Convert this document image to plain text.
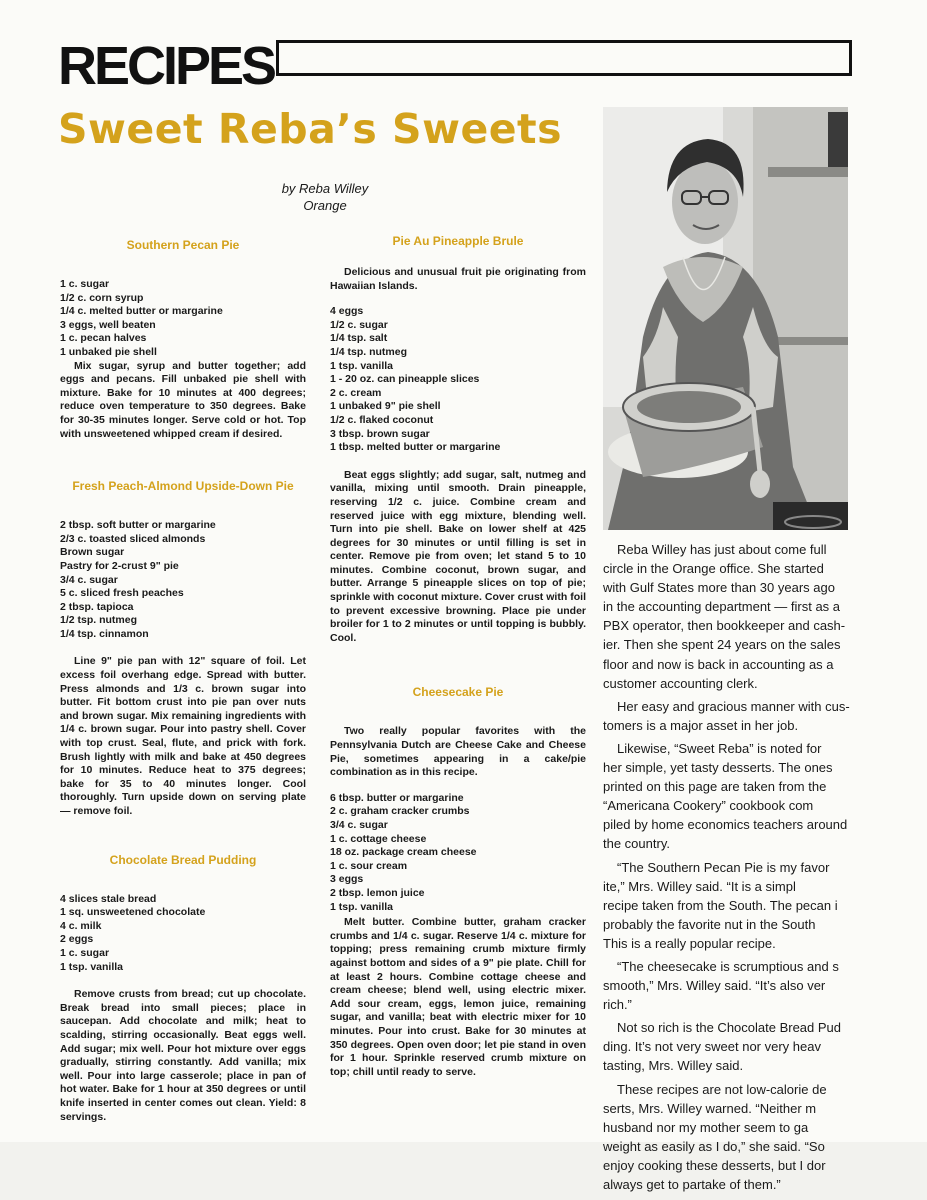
RECIPES
Sweet Reba’s Sweets
by Reba Willey
Orange
Southern Pecan Pie
1 c. sugar
1/2 c. corn syrup
1/4 c. melted butter or margarine
3 eggs, well beaten
1 c. pecan halves
1 unbaked pie shell

Mix sugar, syrup and butter together; add eggs and pecans. Fill unbaked pie shell with mixture. Bake for 10 minutes at 400 degrees; reduce oven temperature to 350 degrees. Bake for 30-35 minutes longer. Serve cold or hot. Top with unsweetened whipped cream if desired.

Fresh Peach-Almond Upside-Down Pie
2 tbsp. soft butter or margarine
2/3 c. toasted sliced almonds
Brown sugar
Pastry for 2-crust 9" pie
3/4 c. sugar
5 c. sliced fresh peaches
2 tbsp. tapioca
1/2 tsp. nutmeg
1/4 tsp. cinnamon

Line 9" pie pan with 12" square of foil. Let excess foil overhang edge. Spread with butter. Press almonds and 1/3 c. brown sugar into butter. Fit bottom crust into pie pan over nuts and brown sugar. Mix remaining ingredients with 1/4 c. brown sugar. Pour into pastry shell. Cover with top crust. Seal, flute, and prick with fork. Brush lightly with milk and bake at 450 degrees for 10 minutes. Reduce heat to 375 degrees; bake for 35 to 40 minutes longer. Cool thoroughly. Turn upside down on serving plate — remove foil.

Chocolate Bread Pudding
4 slices stale bread
1 sq. unsweetened chocolate
4 c. milk
2 eggs
1 c. sugar
1 tsp. vanilla

Remove crusts from bread; cut up chocolate. Break bread into small pieces; place in saucepan. Add chocolate and milk; heat to scalding, stirring occasionally. Beat eggs well. Add sugar; mix well. Pour hot mixture over eggs gradually, stirring constantly. Add vanilla; mix well. Pour into large casserole; place in pan of hot water. Bake for 1 hour at 350 degrees or until knife inserted in center comes out clean. Yield: 8 servings.

Pie Au Pineapple Brule

Delicious and unusual fruit pie originating from Hawaiian Islands.

4 eggs
1/2 c. sugar
1/4 tsp. salt
1/4 tsp. nutmeg
1 tsp. vanilla
1 - 20 oz. can pineapple slices
2 c. cream
1 unbaked 9" pie shell
1/2 c. flaked coconut
3 tbsp. brown sugar
1 tbsp. melted butter or margarine

Beat eggs slightly; add sugar, salt, nutmeg and vanilla, mixing until smooth. Drain pineapple, reserving 1/2 c. juice. Combine cream and reserved juice with egg mixture, blending well. Turn into pie shell. Bake on lower shelf at 425 degrees for 30 minutes or until filling is set in center. Remove pie from oven; let stand 5 to 10 minutes. Combine coconut, brown sugar, and butter. Arrange 5 pineapple slices on top of pie; sprinkle with coconut mixture. Cover crust with foil to prevent excessive browning. Place pie under broiler for 1 to 2 minutes or until topping is bubbly. Cool.

Cheesecake Pie

Two really popular favorites with the Pennsylvania Dutch are Cheese Cake and Cheese Pie, sometimes appearing in a cake/pie combination as in this recipe.

6 tbsp. butter or margarine
2 c. graham cracker crumbs
3/4 c. sugar
1 c. cottage cheese
18 oz. package cream cheese
1 c. sour cream
3 eggs
2 tbsp. lemon juice
1 tsp. vanilla

Melt butter. Combine butter, graham cracker crumbs and 1/4 c. sugar. Reserve 1/4 c. mixture for topping; press remaining crumb mixture firmly against bottom and sides of a 9" pie plate. Chill for at least 2 hours. Combine cottage cheese and cream cheese; blend well, using electric mixer. Add sour cream, eggs, lemon juice, remaining sugar, and vanilla; beat with electric mixer for 10 minutes. Pour into crust. Bake for 30 minutes at 350 degrees. Open oven door; let pie stand in oven for 1 hour. Sprinkle reserved crumb mixture on top; chill until ready to serve.

Reba Willey has just about come full
circle in the Orange office. She started
with Gulf States more than 30 years ago
in the accounting department — first as a
PBX operator, then bookkeeper and cash-
ier. Then she spent 24 years on the sales
floor and now is back in accounting as a
customer accounting clerk.

Her easy and gracious manner with cus-
tomers is a major asset in her job.

Likewise, “Sweet Reba” is noted for
her simple, yet tasty desserts. The ones
printed on this page are taken from the
“Americana Cookery” cookbook com
piled by home economics teachers around
the country.

“The Southern Pecan Pie is my favor
ite,” Mrs. Willey said. “It is a simpl
recipe taken from the South. The pecan i
probably the favorite nut in the South
This is a really popular recipe.

“The cheesecake is scrumptious and s
smooth,” Mrs. Willey said. “It’s also ver
rich.”

Not so rich is the Chocolate Bread Pud
ding. It’s not very sweet nor very heav
tasting, Mrs. Willey said.

These recipes are not low-calorie de
serts, Mrs. Willey warned. “Neither m
husband nor my mother seem to ga
weight as easily as I do,” she said. “So
enjoy cooking these desserts, but I dor
always get to partake of them.”
